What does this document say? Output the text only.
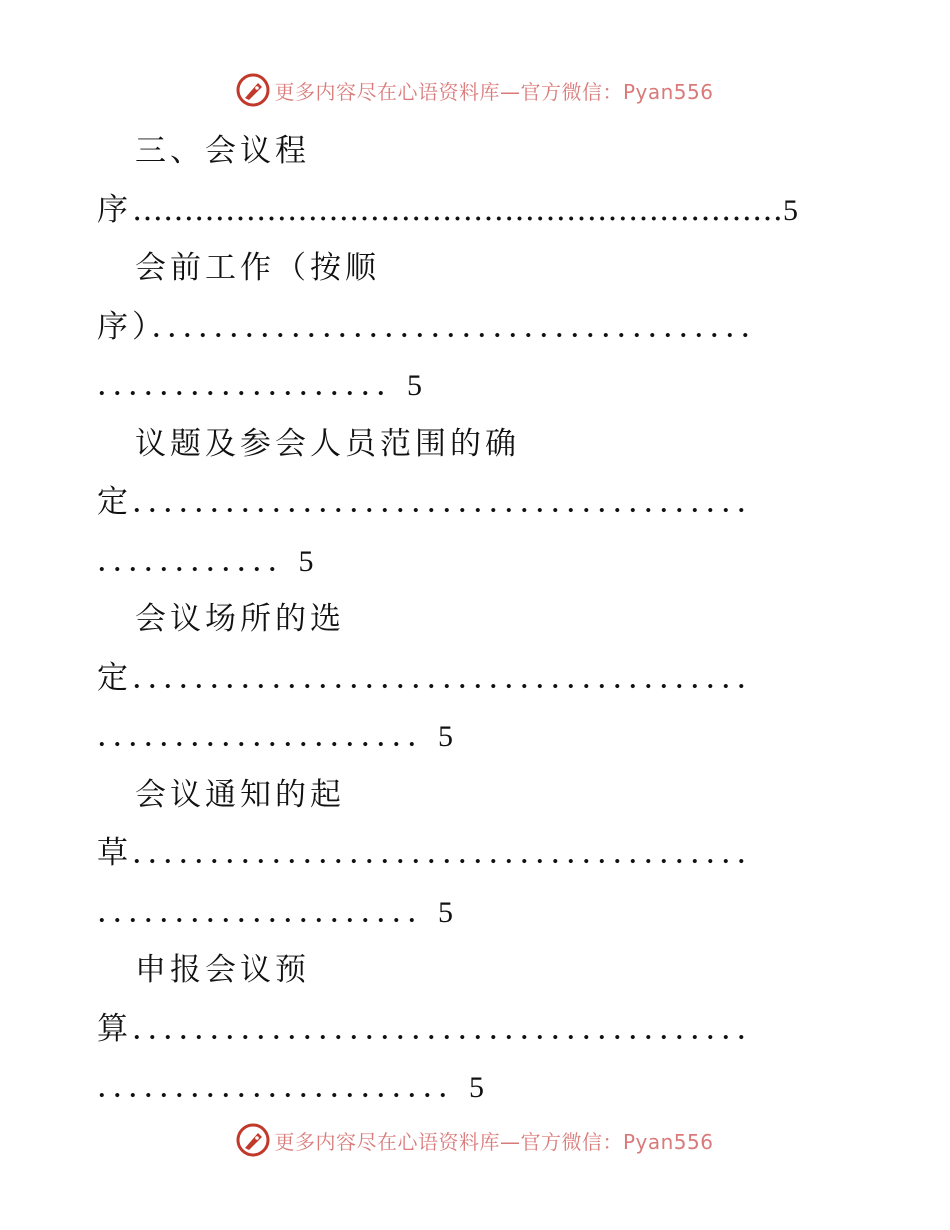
更多内容尽在心语资料库—官方微信：Pyan556
三、会议程
序………………………………………………………5
会前工作（按顺
序）．．．．．．．．．．．．．．．．．．．．．．．．．．．．．．．．．．．．．．．
．．．．．．．．．．．．．．．．．．．5
议题及参会人员范围的确
定．．．．．．．．．．．．．．．．．．．．．．．．．．．．．．．．．．．．．．．．
．．．．．．．．．．．．5
会议场所的选
定．．．．．．．．．．．．．．．．．．．．．．．．．．．．．．．．．．．．．．．．
．．．．．．．．．．．．．．．．．．．．．5
会议通知的起
草．．．．．．．．．．．．．．．．．．．．．．．．．．．．．．．．．．．．．．．．
．．．．．．．．．．．．．．．．．．．．．5
申报会议预
算．．．．．．．．．．．．．．．．．．．．．．．．．．．．．．．．．．．．．．．．
．．．．．．．．．．．．．．．．．．．．．．．5
更多内容尽在心语资料库—官方微信：Pyan556
